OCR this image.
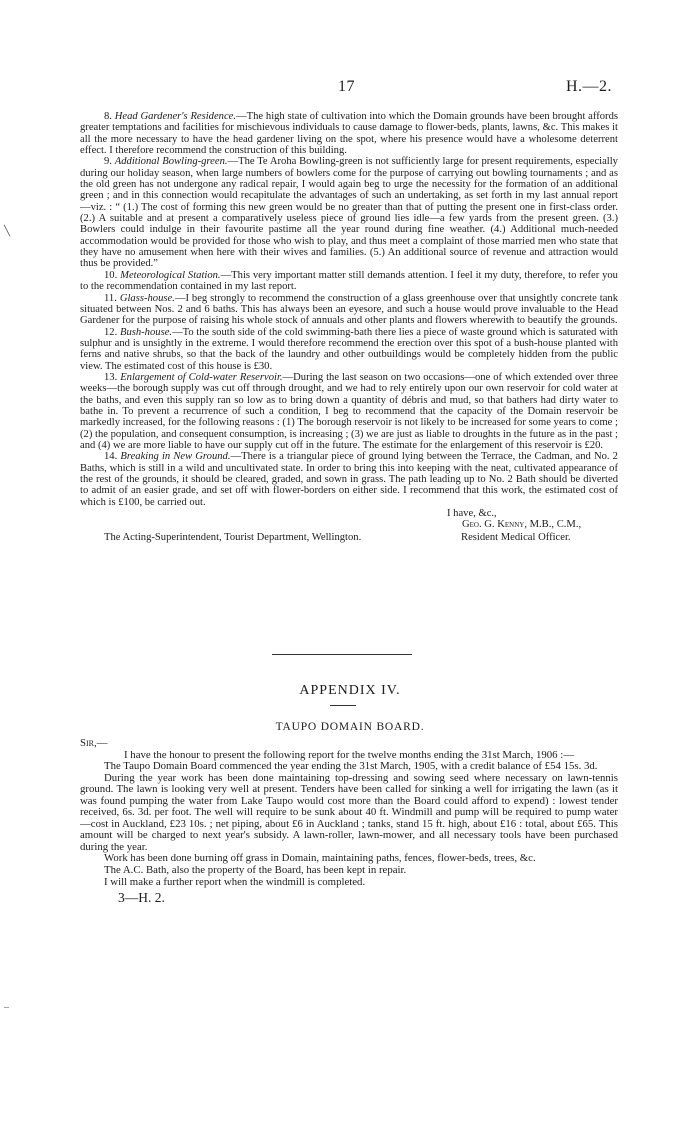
17	H.—2.

8. Head Gardener's Residence.—The high state of cultivation into which the Domain grounds have been brought affords greater temptations and facilities for mischievous individuals to cause damage to flower-beds, plants, lawns, &c. This makes it all the more necessary to have the head gardener living on the spot, where his presence would have a wholesome deterrent effect. I therefore recommend the construction of this building.

9. Additional Bowling-green.—The Te Aroha Bowling-green is not sufficiently large for present requirements, especially during our holiday season, when large numbers of bowlers come for the purpose of carrying out bowling tournaments ; and as the old green has not undergone any radical repair, I would again beg to urge the necessity for the formation of an additional green ; and in this connection would recapitulate the advantages of such an undertaking, as set forth in my last annual report —viz. : “ (1.) The cost of forming this new green would be no greater than that of putting the present one in first-class order. (2.) A suitable and at present a comparatively useless piece of ground lies idle—a few yards from the present green. (3.) Bowlers could indulge in their favourite pastime all the year round during fine weather. (4.) Additional much-needed accommodation would be provided for those who wish to play, and thus meet a complaint of those married men who state that they have no amusement when here with their wives and families. (5.) An additional source of revenue and attraction would thus be provided.”

10. Meteorological Station.—This very important matter still demands attention. I feel it my duty, therefore, to refer you to the recommendation contained in my last report.

11. Glass-house.—I beg strongly to recommend the construction of a glass greenhouse over that unsightly concrete tank situated between Nos. 2 and 6 baths. This has always been an eyesore, and such a house would prove invaluable to the Head Gardener for the purpose of raising his whole stock of annuals and other plants and flowers wherewith to beautify the grounds.

12. Bush-house.—To the south side of the cold swimming-bath there lies a piece of waste ground which is saturated with sulphur and is unsightly in the extreme. I would therefore recommend the erection over this spot of a bush-house planted with ferns and native shrubs, so that the back of the laundry and other outbuildings would be completely hidden from the public view. The estimated cost of this house is £30.

13. Enlargement of Cold-water Reservoir.—During the last season on two occasions—one of which extended over three weeks—the borough supply was cut off through drought, and we had to rely entirely upon our own reservoir for cold water at the baths, and even this supply ran so low as to bring down a quantity of débris and mud, so that bathers had dirty water to bathe in. To prevent a recurrence of such a condition, I beg to recommend that the capacity of the Domain reservoir be markedly increased, for the following reasons : (1) The borough reservoir is not likely to be increased for some years to come ; (2) the population, and consequent consumption, is increasing ; (3) we are just as liable to droughts in the future as in the past ; and (4) we are more liable to have our supply cut off in the future. The estimate for the enlargement of this reservoir is £20.

14. Breaking in New Ground.—There is a triangular piece of ground lying between the Terrace, the Cadman, and No. 2 Baths, which is still in a wild and uncultivated state. In order to bring this into keeping with the neat, cultivated appearance of the rest of the grounds, it should be cleared, graded, and sown in grass. The path leading up to No. 2 Bath should be diverted to admit of an easier grade, and set off with flower-borders on either side. I recommend that this work, the estimated cost of which is £100, be carried out.

I have, &c.,
Geo. G. Kenny, M.B., C.M.,
The Acting-Superintendent, Tourist Department, Wellington.	Resident Medical Officer.
APPENDIX IV.
TAUPO DOMAIN BOARD.

Sir,—

I have the honour to present the following report for the twelve months ending the 31st March, 1906 :—

The Taupo Domain Board commenced the year ending the 31st March, 1905, with a credit balance of £54 15s. 3d.

During the year work has been done maintaining top-dressing and sowing seed where necessary on lawn-tennis ground. The lawn is looking very well at present. Tenders have been called for sinking a well for irrigating the lawn (as it was found pumping the water from Lake Taupo would cost more than the Board could afford to expend) : lowest tender received, 6s. 3d. per foot. The well will require to be sunk about 40 ft. Windmill and pump will be required to pump water—cost in Auckland, £23 10s. ; net piping, about £6 in Auckland ; tanks, stand 15 ft. high, about £16 : total, about £65. This amount will be charged to next year's subsidy. A lawn-roller, lawn-mower, and all necessary tools have been purchased during the year.

Work has been done burning off grass in Domain, maintaining paths, fences, flower-beds, trees, &c.

The A.C. Bath, also the property of the Board, has been kept in repair.

I will make a further report when the windmill is completed.

3—H. 2.
╲
–
